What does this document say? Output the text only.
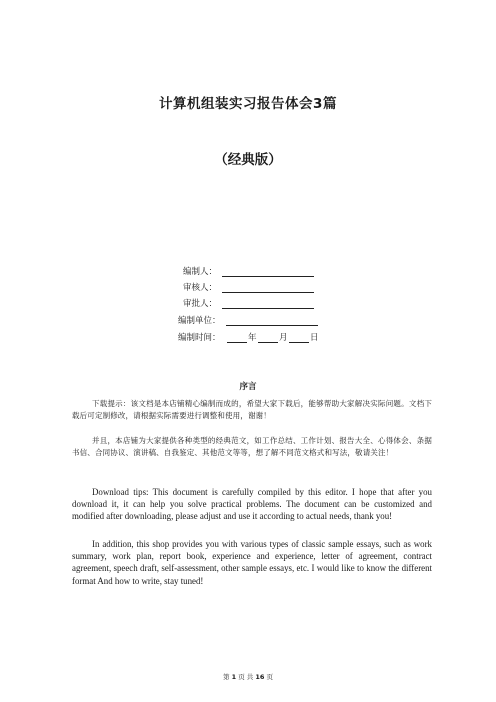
计算机组装实习报告体会3篇
（经典版）
编制人：
审核人：
审批人：
编制单位：
编制时间：	年	月	日
序言

下载提示：该文档是本店铺精心编制而成的，希望大家下载后，能够帮助大家解决实际问题。文档下载后可定制修改，请根据实际需要进行调整和使用，谢谢！

并且，本店铺为大家提供各种类型的经典范文，如工作总结、工作计划、报告大全、心得体会、条据书信、合同协议、演讲稿、自我鉴定、其他范文等等，想了解不同范文格式和写法，敬请关注！

Download tips: This document is carefully compiled by this editor. I hope that after you download it, it can help you solve practical problems. The document can be customized and modified after downloading, please adjust and use it according to actual needs, thank you!

In addition, this shop provides you with various types of classic sample essays, such as work summary, work plan, report book, experience and experience, letter of agreement, contract agreement, speech draft, self-assessment, other sample essays, etc. I would like to know the different format And how to write, stay tuned!

第 1 页 共 16 页
